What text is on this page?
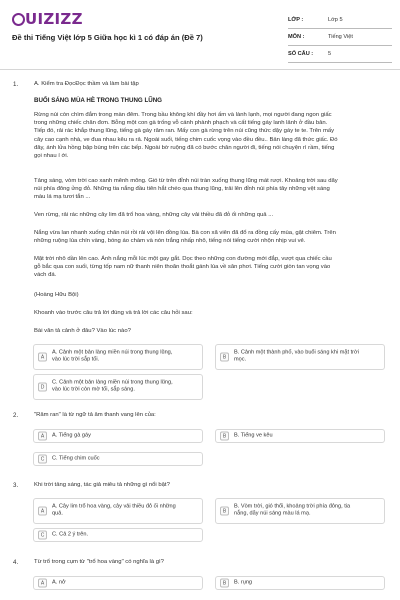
UIZIZZ
Đề thi Tiếng Việt lớp 5 Giữa học kì 1 có đáp án (Đề 7)
LỚP :	Lớp 5
MÔN :	Tiếng Việt
SỐ CÂU :	5
1.	A. Kiểm tra ĐọcĐọc thầm và làm bài tập
BUỔI SÁNG MÙA HÈ TRONG THUNG LŨNG
Rừng núi còn chìm đắm trong màn đêm. Trong bầu không khí đầy hơi ấm và lành lạnh, mọi người đang ngon giấc
trong những chiếc chăn đơn. Bỗng một con gà trống vỗ cánh phành phạch và cất tiếng gáy lanh lảnh ở đầu bản.
Tiếp đó, rải rác khắp thung lũng, tiếng gà gáy râm ran. Mấy con gà rừng trên núi cũng thức dậy gáy te te. Trên mấy
cây cao cạnh nhà, ve đua nhau kêu ra rả. Ngoài suối, tiếng chim cuốc vọng vào đều đều.. Bản làng đã thức giấc. Đó
đây, ánh lửa hồng bập bùng trên các bếp. Ngoài bờ ruộng đã có bước chân người đi, tiếng nói chuyện rì rầm, tiếng
gọi nhau í ới.
Tảng sáng, vòm trời cao xanh mênh mông. Gió từ trên đỉnh núi tràn xuống thung lũng mát rượi. Khoảng trời sau dãy
núi phía đông ửng đỏ. Những tia nắng đầu tiên hắt chéo qua thung lũng, trải lên đỉnh núi phía tây những vệt sáng
màu lá mạ tươi tắn ...
Ven rừng, rải rác những cây lim đã trổ hoa vàng, những cây vải thiều đã đỏ ối những quả ...
Nắng vừa lan nhanh xuống chân núi rồi rải vội lên đồng lúa. Bà con xã viên đã đổ ra đồng cấy mùa, gặt chiêm. Trên
những ruộng lúa chín vàng, bóng áo chàm và nón trắng nhấp nhô, tiếng nói tiếng cười nhộn nhịp vui vẻ.
Mặt trời nhô dần lên cao. Ánh nắng mỗi lúc một gay gắt. Dọc theo những con đường mới đắp, vượt qua chiếc cầu
gỗ bắc qua con suối, từng tốp nam nữ thanh niên thoăn thoắt gánh lúa về sân phơi. Tiếng cười giòn tan vọng vào
vách đá.
(Hoàng Hữu Bội)
Khoanh vào trước câu trả lời đúng và trả lời các câu hỏi sau:
Bài văn tả cảnh ở đâu? Vào lúc nào?
A
A. Cảnh một bản làng miền núi trong thung lũng,
vào lúc trời sắp tối.	B
B. Cảnh một thành phố, vào buổi sáng khi mặt trời
mọc.
D
C. Cảnh một bản làng miền núi trong thung lũng,
vào lúc trời còn mờ tối, sắp sáng.
2.	"Râm ran" là từ ngữ tả âm thanh vang lên của:
A	A. Tiếng gà gáy	B	B. Tiếng ve kêu
C	C. Tiếng chim cuốc
3.	Khi trời tảng sáng, tác giả miêu tả những gì nổi bật?
A
A. Cây lim trổ hoa vàng, cây vải thiều đỏ ối những
quả.	B
B. Vòm trời, gió thổi, khoảng trời phía đông, tia
nắng, dãy núi sáng màu lá mạ.
C	C. Cả 2 ý trên.
4.	Từ trổ trong cụm từ "trổ hoa vàng" có nghĩa là gì?
A	A. nở	B	B. rụng
